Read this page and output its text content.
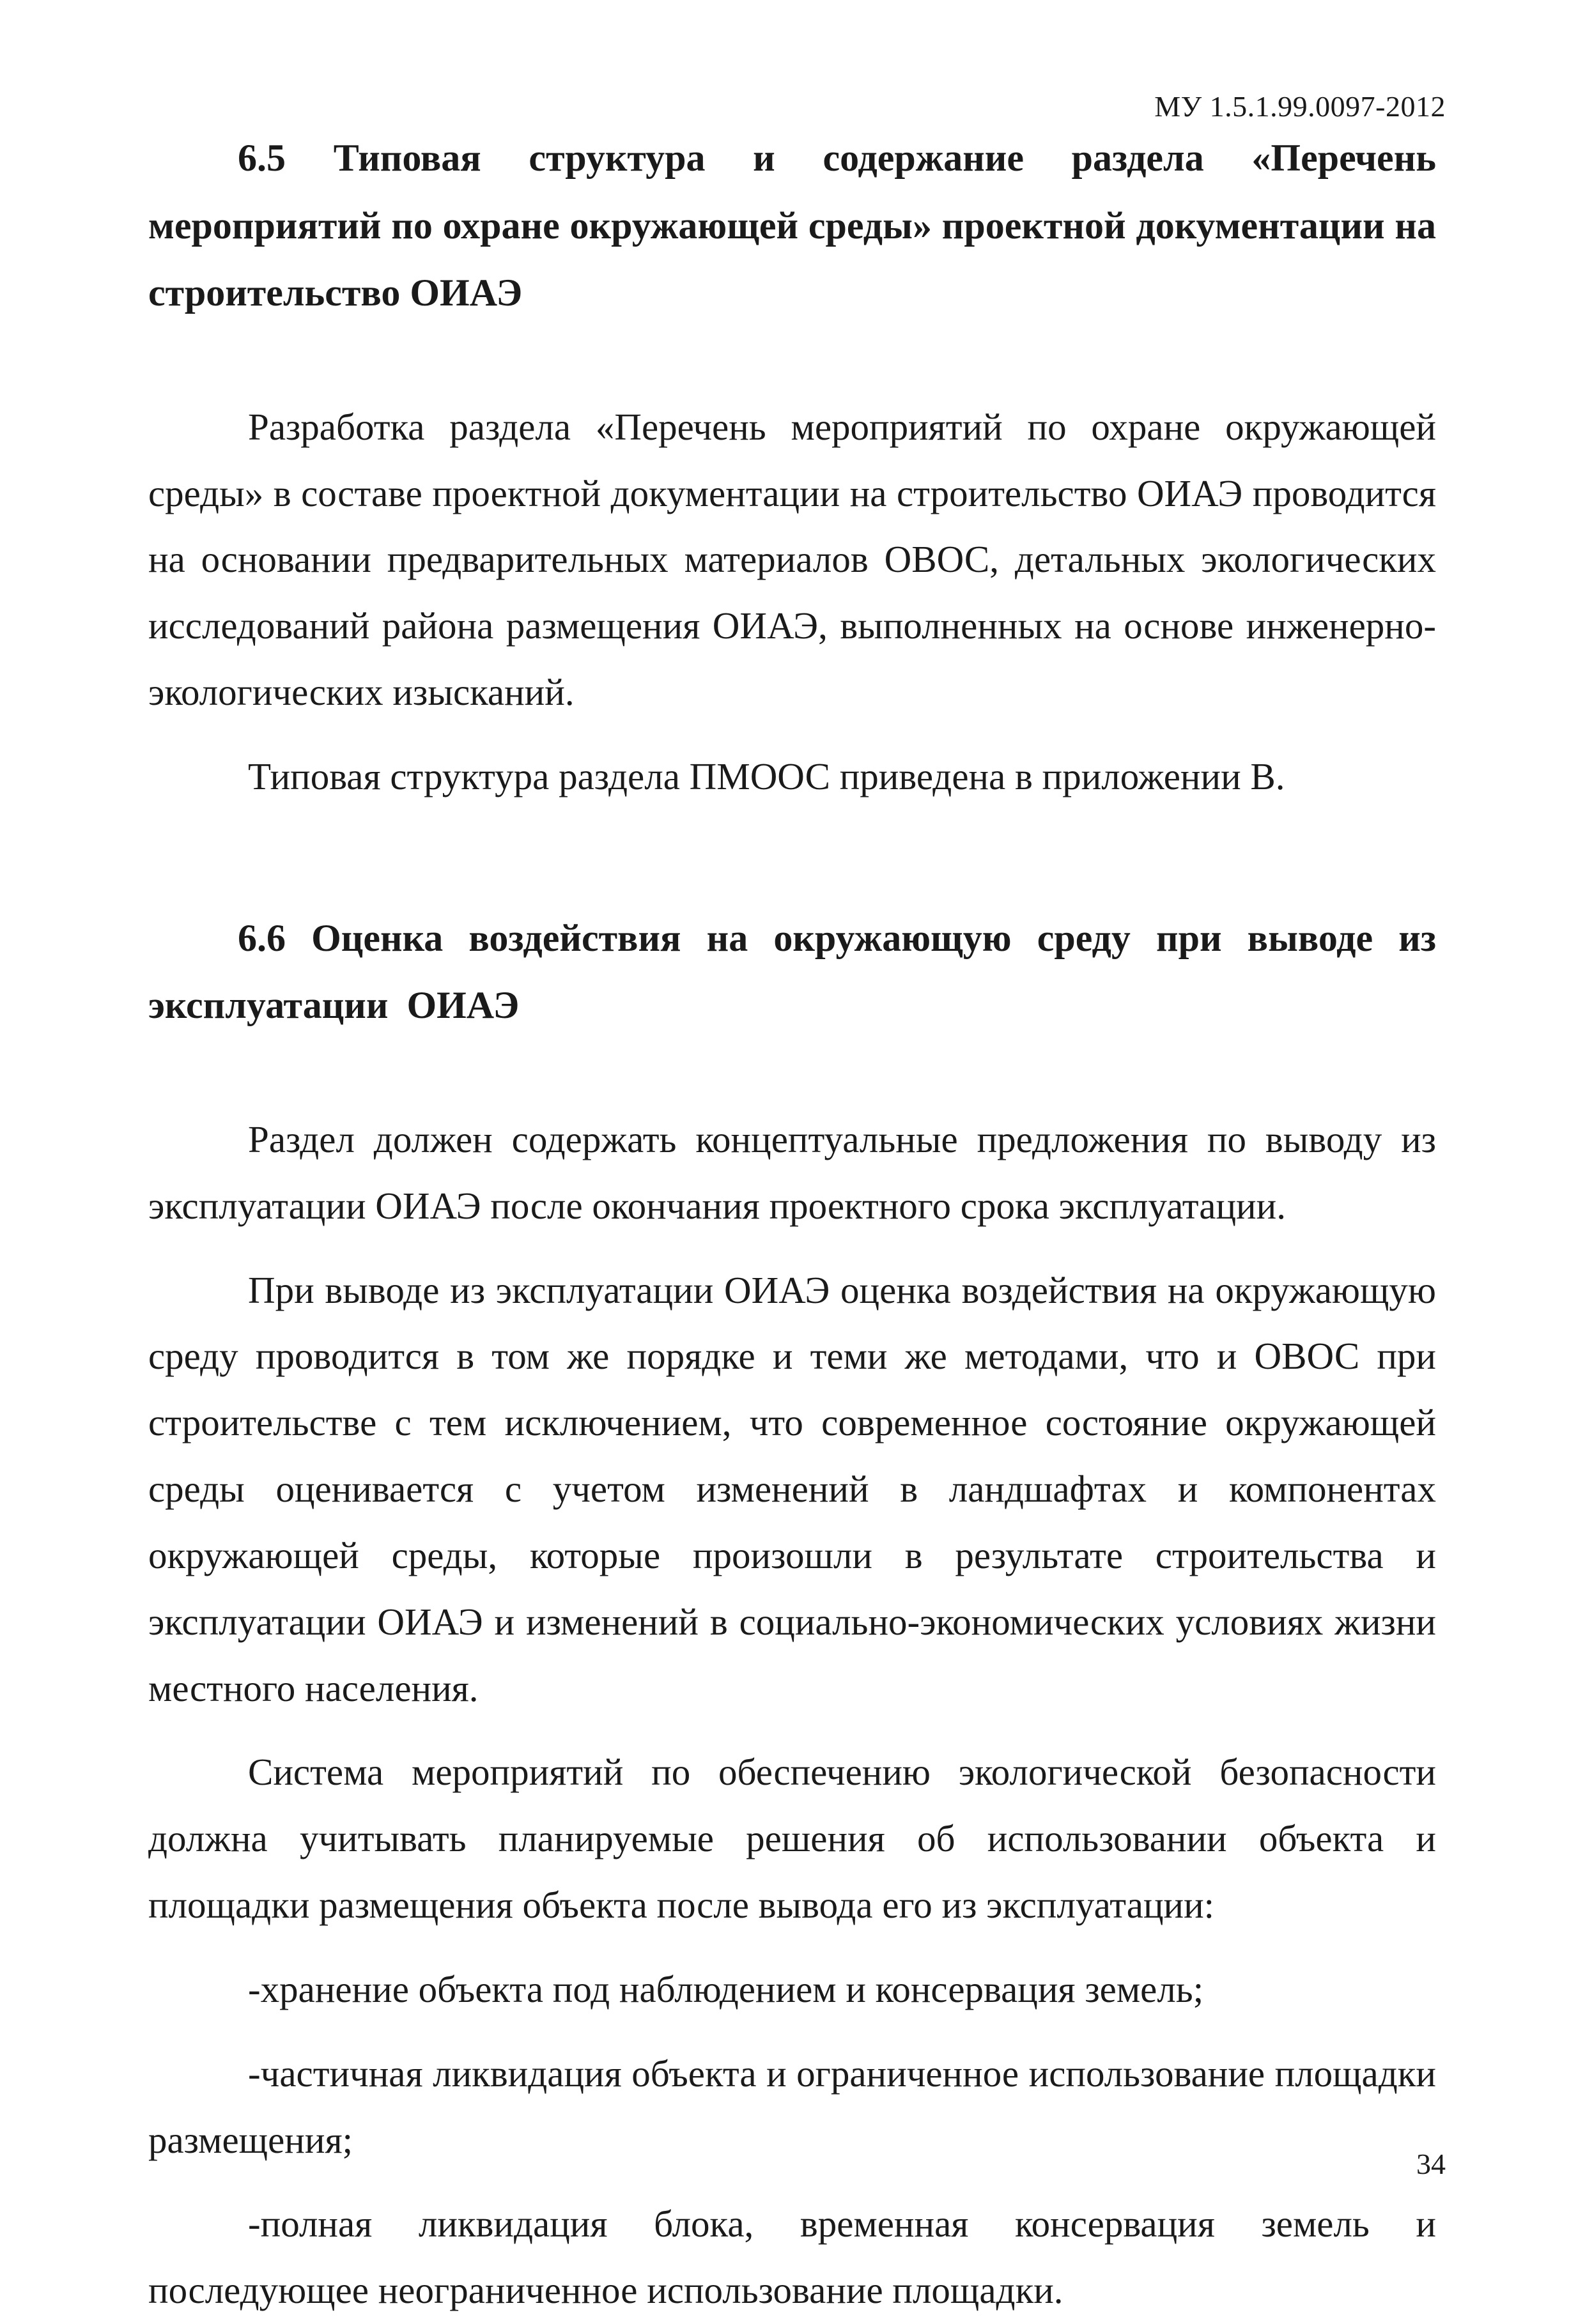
МУ 1.5.1.99.0097-2012
6.5 Типовая структура и содержание раздела «Перечень мероприятий по охране окружающей среды» проектной документации на строительство ОИАЭ

Разработка раздела «Перечень мероприятий по охране окружающей среды» в составе проектной документации на строительство ОИАЭ проводится на основании предварительных материалов ОВОС, детальных экологических исследований района размещения ОИАЭ, выполненных на основе инженерно-экологических изысканий.

Типовая структура раздела ПМООС приведена в приложении В.

6.6 Оценка воздействия на окружающую среду при выводе из эксплуатации ОИАЭ

Раздел должен содержать концептуальные предложения по выводу из эксплуатации ОИАЭ после окончания проектного срока эксплуатации.

При выводе из эксплуатации ОИАЭ оценка воздействия на окружающую среду проводится в том же порядке и теми же методами, что и ОВОС при строительстве с тем исключением, что современное состояние окружающей среды оценивается с учетом изменений в ландшафтах и компонентах окружающей среды, которые произошли в результате строительства и эксплуатации ОИАЭ и изменений в социально-экономических условиях жизни местного населения.

Система мероприятий по обеспечению экологической безопасности должна учитывать планируемые решения об использовании объекта и площадки размещения объекта после вывода его из эксплуатации:

-хранение объекта под наблюдением и консервация земель;

-частичная ликвидация объекта и ограниченное использование площадки размещения;

-полная ликвидация блока, временная консервация земель и последующее неограниченное использование площадки.

34
